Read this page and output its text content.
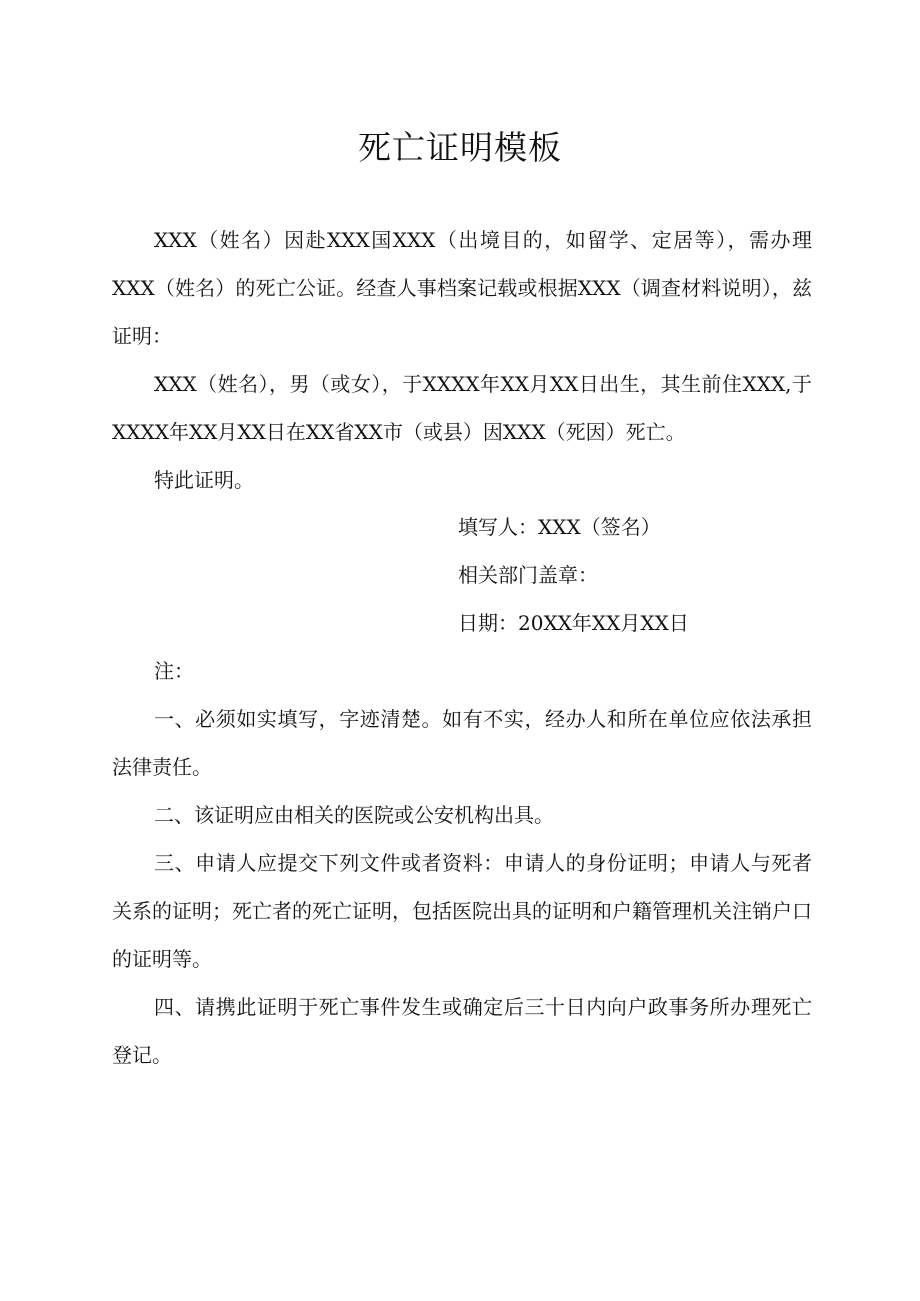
死亡证明模板

XXX（姓名）因赴XXX国XXX（出境目的，如留学、定居等），需办理XXX（姓名）的死亡公证。经查人事档案记载或根据XXX（调查材料说明），兹证明：

XXX（姓名），男（或女），于XXXX年XX月XX日出生，其生前住XXX,于XXXX年XX月XX日在XX省XX市（或县）因XXX（死因）死亡。

特此证明。

填写人：XXX（签名）

相关部门盖章：

日期：20XX年XX月XX日

注：

一、必须如实填写，字迹清楚。如有不实，经办人和所在单位应依法承担法律责任。

二、该证明应由相关的医院或公安机构出具。

三、申请人应提交下列文件或者资料：申请人的身份证明；申请人与死者关系的证明；死亡者的死亡证明，包括医院出具的证明和户籍管理机关注销户口的证明等。

四、请携此证明于死亡事件发生或确定后三十日内向户政事务所办理死亡登记。
